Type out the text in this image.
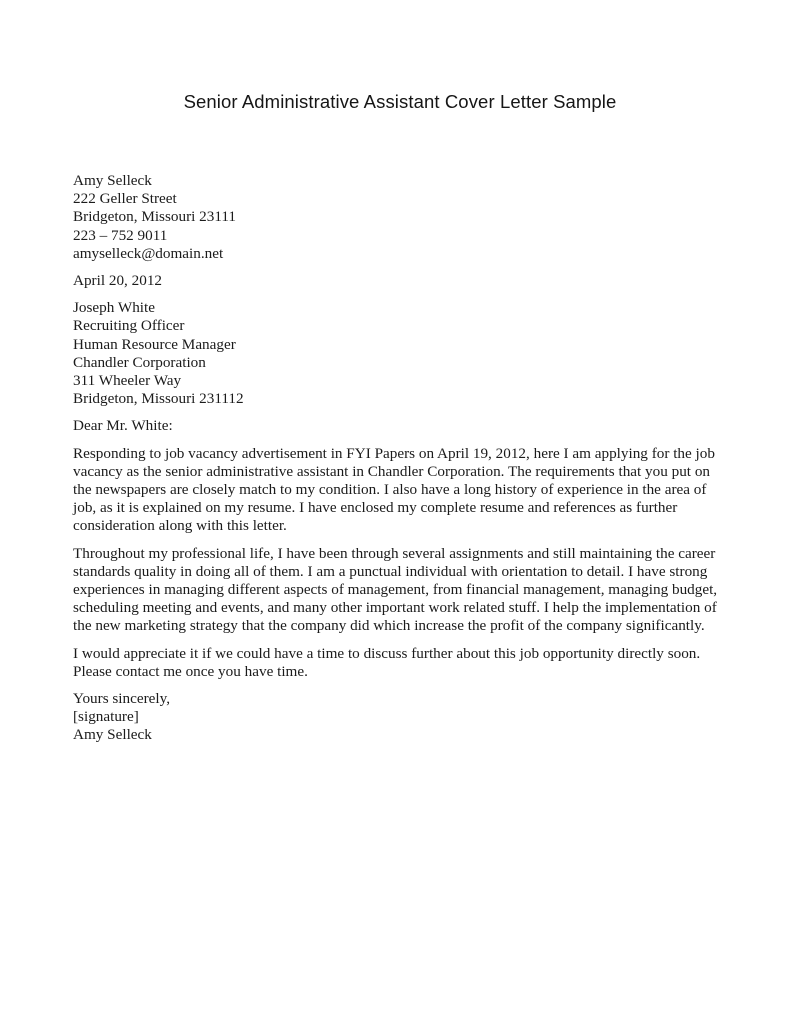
Senior Administrative Assistant Cover Letter Sample
Amy Selleck
222 Geller Street
Bridgeton, Missouri 23111
223 – 752 9011
amyselleck@domain.net
April 20, 2012
Joseph White
Recruiting Officer
Human Resource Manager
Chandler Corporation
311 Wheeler Way
Bridgeton, Missouri 231112
Dear Mr. White:

Responding to job vacancy advertisement in FYI Papers on April 19, 2012, here I am applying for the job vacancy as the senior administrative assistant in Chandler Corporation. The requirements that you put on the newspapers are closely match to my condition. I also have a long history of experience in the area of job, as it is explained on my resume. I have enclosed my complete resume and references as further consideration along with this letter.

Throughout my professional life, I have been through several assignments and still maintaining the career standards quality in doing all of them. I am a punctual individual with orientation to detail. I have strong experiences in managing different aspects of management, from financial management, managing budget, scheduling meeting and events, and many other important work related stuff. I help the implementation of the new marketing strategy that the company did which increase the profit of the company significantly.

I would appreciate it if we could have a time to discuss further about this job opportunity directly soon. Please contact me once you have time.

Yours sincerely,
[signature]
Amy Selleck
